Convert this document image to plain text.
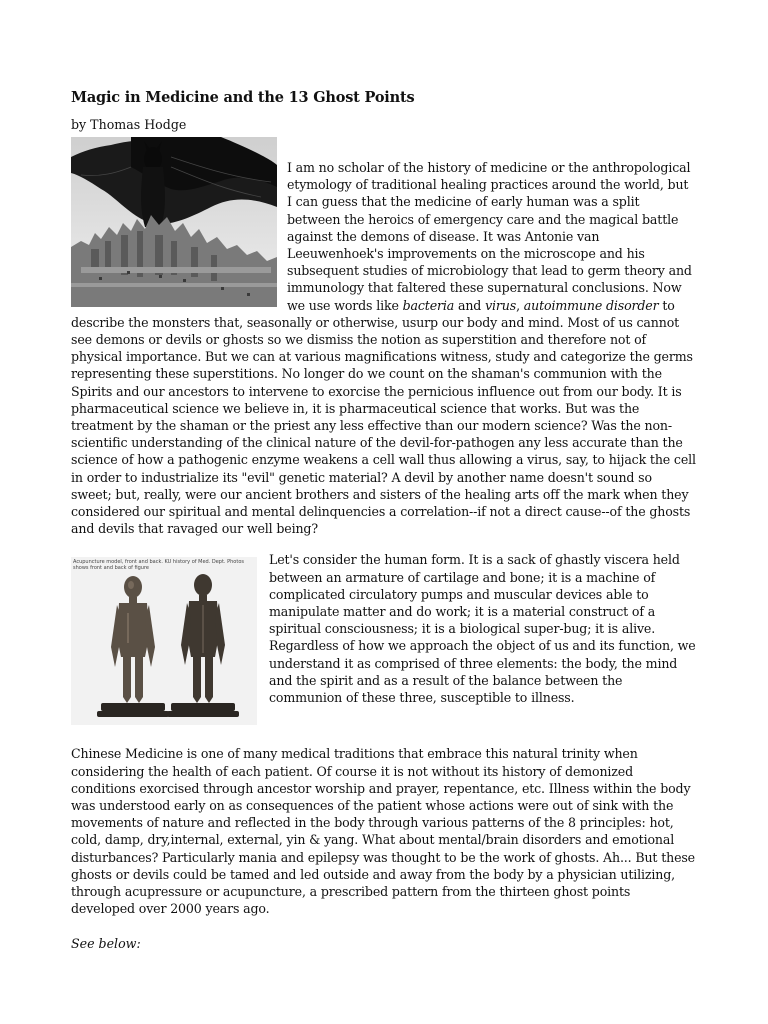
Magic in Medicine and the 13 Ghost Points
by Thomas Hodge

I am no scholar of the history of medicine or the anthropological etymology of traditional healing practices around the world, but I can guess that the medicine of early human was a split between the heroics of emergency care and the magical battle against the demons of disease. It was Antonie van Leeuwenhoek's improvements on the microscope and his subsequent studies of microbiology that lead to germ theory and immunology that faltered these supernatural conclusions. Now we use words like bacteria and virus, autoimmune disorder to describe the monsters that, seasonally or otherwise, usurp our body and mind. Most of us cannot see demons or devils or ghosts so we dismiss the notion as superstition and therefore not of physical importance. But we can at various magnifications witness, study and categorize the germs representing these superstitions. No longer do we count on the shaman's communion with the Spirits and our ancestors to intervene to exorcise the pernicious influence out from our body. It is pharmaceutical science we believe in, it is pharmaceutical science that works. But was the treatment by the shaman or the priest any less effective than our modern science? Was the non-scientific understanding of the clinical nature of the devil-for-pathogen any less accurate than the science of how a pathogenic enzyme weakens a cell wall thus allowing a virus, say, to hijack the cell in order to industrialize its "evil" genetic material? A devil by another name doesn't sound so sweet; but, really, were our ancient brothers and sisters of the healing arts off the mark when they considered our spiritual and mental delinquencies a correlation--if not a direct cause--of the ghosts and devils that ravaged our well being?

Acupuncture model, front and back. KU history of Med. Dept. Photos shows front and back of figure

Let's consider the human form. It is a sack of ghastly viscera held between an armature of cartilage and bone; it is a machine of complicated circulatory pumps and muscular devices able to manipulate matter and do work; it is a material construct of a spiritual consciousness; it is a biological super-bug; it is alive. Regardless of how we approach the object of us and its function, we understand it as comprised of three elements: the body, the mind and the spirit and as a result of the balance between the communion of these three, susceptible to illness.

Chinese Medicine is one of many medical traditions that embrace this natural trinity when considering the health of each patient. Of course it is not without its history of demonized conditions exorcised through ancestor worship and prayer, repentance, etc. Illness within the body was understood early on as consequences of the patient whose actions were out of sink with the movements of nature and reflected in the body through various patterns of the 8 principles: hot, cold, damp, dry,internal, external, yin & yang. What about mental/brain disorders and emotional disturbances? Particularly mania and epilepsy was thought to be the work of ghosts. Ah... But these ghosts or devils could be tamed and led outside and away from the body by a physician utilizing, through acupressure or acupuncture, a prescribed pattern from the thirteen ghost points developed over 2000 years ago.

See below:
